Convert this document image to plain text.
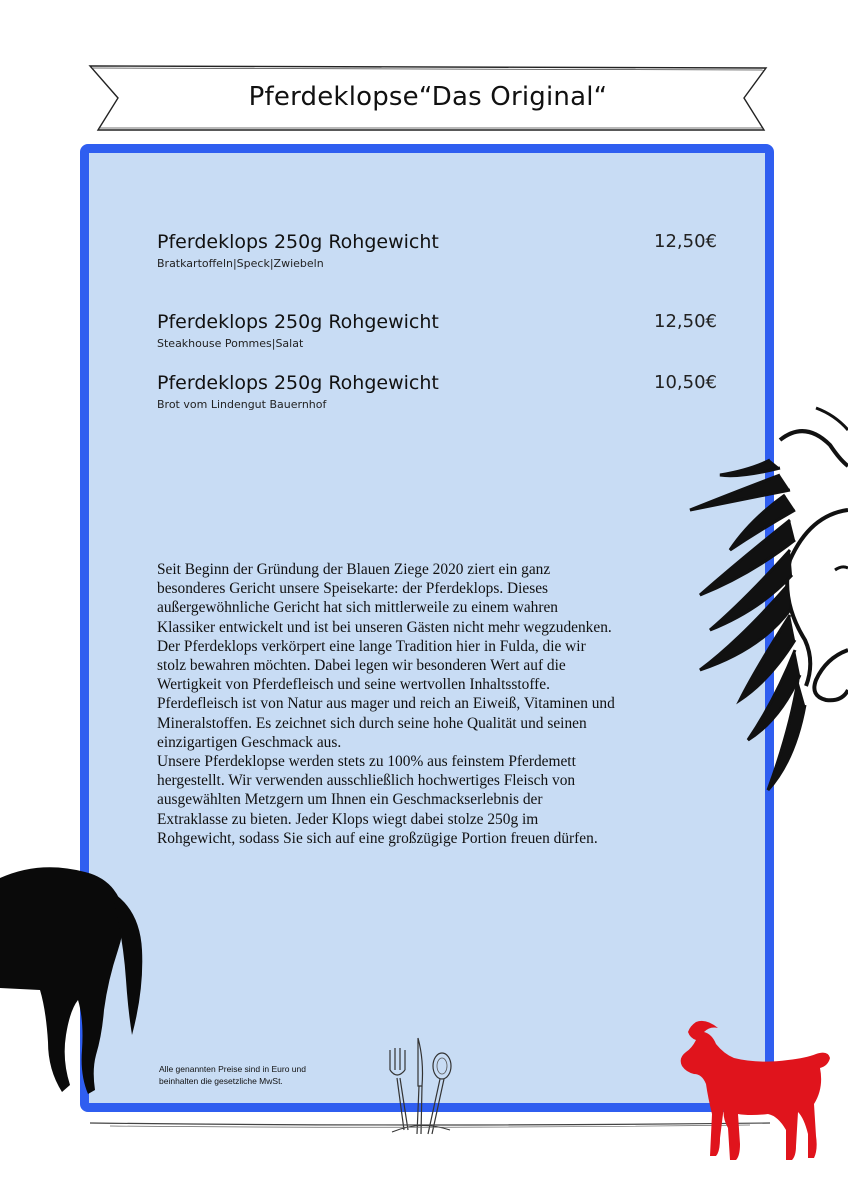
Pferdeklopse“Das Original“
Pferdeklops 250g Rohgewicht
Bratkartoffeln|Speck|Zwiebeln
12,50€
Pferdeklops 250g Rohgewicht
Steakhouse Pommes|Salat
12,50€
Pferdeklops 250g Rohgewicht
Brot vom Lindengut Bauernhof
10,50€

Seit Beginn der Gründung der Blauen Ziege 2020 ziert ein ganz besonderes Gericht unsere Speisekarte: der Pferdeklops. Dieses außergewöhnliche Gericht hat sich mittlerweile zu einem wahren Klassiker entwickelt und ist bei unseren Gästen nicht mehr wegzudenken.

Der Pferdeklops verkörpert eine lange Tradition hier in Fulda, die wir stolz bewahren möchten. Dabei legen wir besonderen Wert auf die Wertigkeit von Pferdefleisch und seine wertvollen Inhaltsstoffe. Pferdefleisch ist von Natur aus mager und reich an Eiweiß, Vitaminen und Mineralstoffen. Es zeichnet sich durch seine hohe Qualität und seinen einzigartigen Geschmack aus.

Unsere Pferdeklopse werden stets zu 100% aus feinstem Pferdemett hergestellt. Wir verwenden ausschließlich hochwertiges Fleisch von ausgewählten Metzgern um Ihnen ein Geschmackserlebnis der Extraklasse zu bieten. Jeder Klops wiegt dabei stolze 250g im Rohgewicht, sodass Sie sich auf eine großzügige Portion freuen dürfen.

Alle genannten Preise sind in Euro und

beinhalten die gesetzliche MwSt.
